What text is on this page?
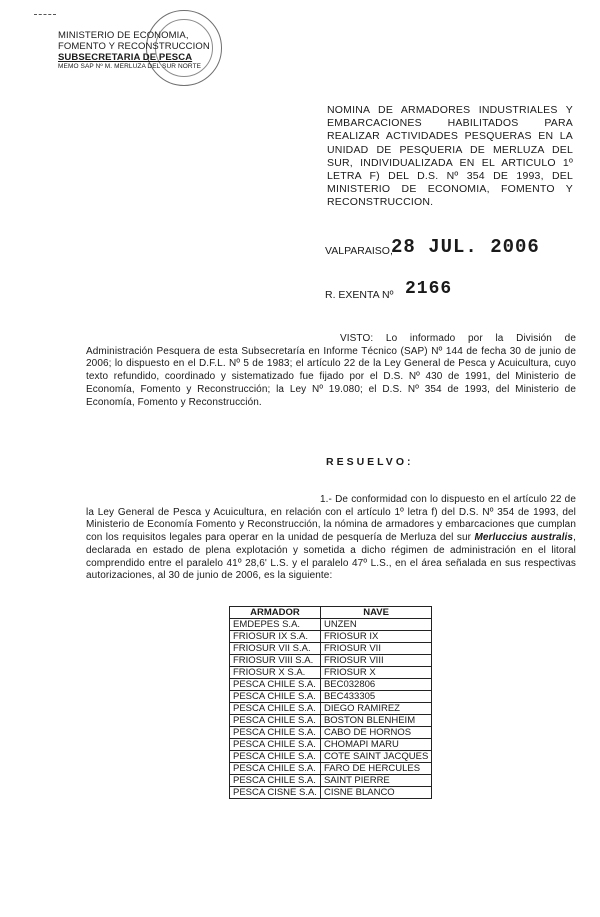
MINISTERIO DE ECONOMIA,
FOMENTO Y RECONSTRUCCION
SUBSECRETARIA DE PESCA
MEMO SAP Nº M. MERLUZA DEL SUR NORTE
NOMINA DE ARMADORES INDUSTRIALES Y EMBARCACIONES HABILITADOS PARA REALIZAR ACTIVIDADES PESQUERAS EN LA UNIDAD DE PESQUERIA DE MERLUZA DEL SUR, INDIVIDUALIZADA EN EL ARTICULO 1º LETRA F) DEL D.S. Nº 354 DE 1993, DEL MINISTERIO DE ECONOMIA, FOMENTO Y RECONSTRUCCION.
VALPARAISO,
28 JUL. 2006
R. EXENTA Nº 2166
VISTO: Lo informado por la División de Administración Pesquera de esta Subsecretaría en Informe Técnico (SAP) Nº 144 de fecha 30 de junio de 2006; lo dispuesto en el D.F.L. Nº 5 de 1983; el artículo 22 de la Ley General de Pesca y Acuicultura, cuyo texto refundido, coordinado y sistematizado fue fijado por el D.S. Nº 430 de 1991, del Ministerio de Economía, Fomento y Reconstrucción; la Ley Nº 19.080; el D.S. Nº 354 de 1993, del Ministerio de Economía, Fomento y Reconstrucción.
RESUELVO:
1.- De conformidad con lo dispuesto en el artículo 22 de la Ley General de Pesca y Acuicultura, en relación con el artículo 1º letra f) del D.S. Nº 354 de 1993, del Ministerio de Economía Fomento y Reconstrucción, la nómina de armadores y embarcaciones que cumplan con los requisitos legales para operar en la unidad de pesquería de Merluza del sur Merluccius australis, declarada en estado de plena explotación y sometida a dicho régimen de administración en el litoral comprendido entre el paralelo 41º 28,6' L.S. y el paralelo 47º L.S., en el área señalada en sus respectivas autorizaciones, al 30 de junio de 2006, es la siguiente:
ARMADOR	NAVE
EMDEPES S.A.	UNZEN
FRIOSUR IX S.A.	FRIOSUR IX
FRIOSUR VII S.A.	FRIOSUR VII
FRIOSUR VIII S.A.	FRIOSUR VIII
FRIOSUR X S.A.	FRIOSUR X
PESCA CHILE S.A.	BEC032806
PESCA CHILE S.A.	BEC433305
PESCA CHILE S.A.	DIEGO RAMIREZ
PESCA CHILE S.A.	BOSTON BLENHEIM
PESCA CHILE S.A.	CABO DE HORNOS
PESCA CHILE S.A.	CHOMAPI MARU
PESCA CHILE S.A.	COTE SAINT JACQUES
PESCA CHILE S.A.	FARO DE HERCULES
PESCA CHILE S.A.	SAINT PIERRE
PESCA CISNE S.A.	CISNE BLANCO
